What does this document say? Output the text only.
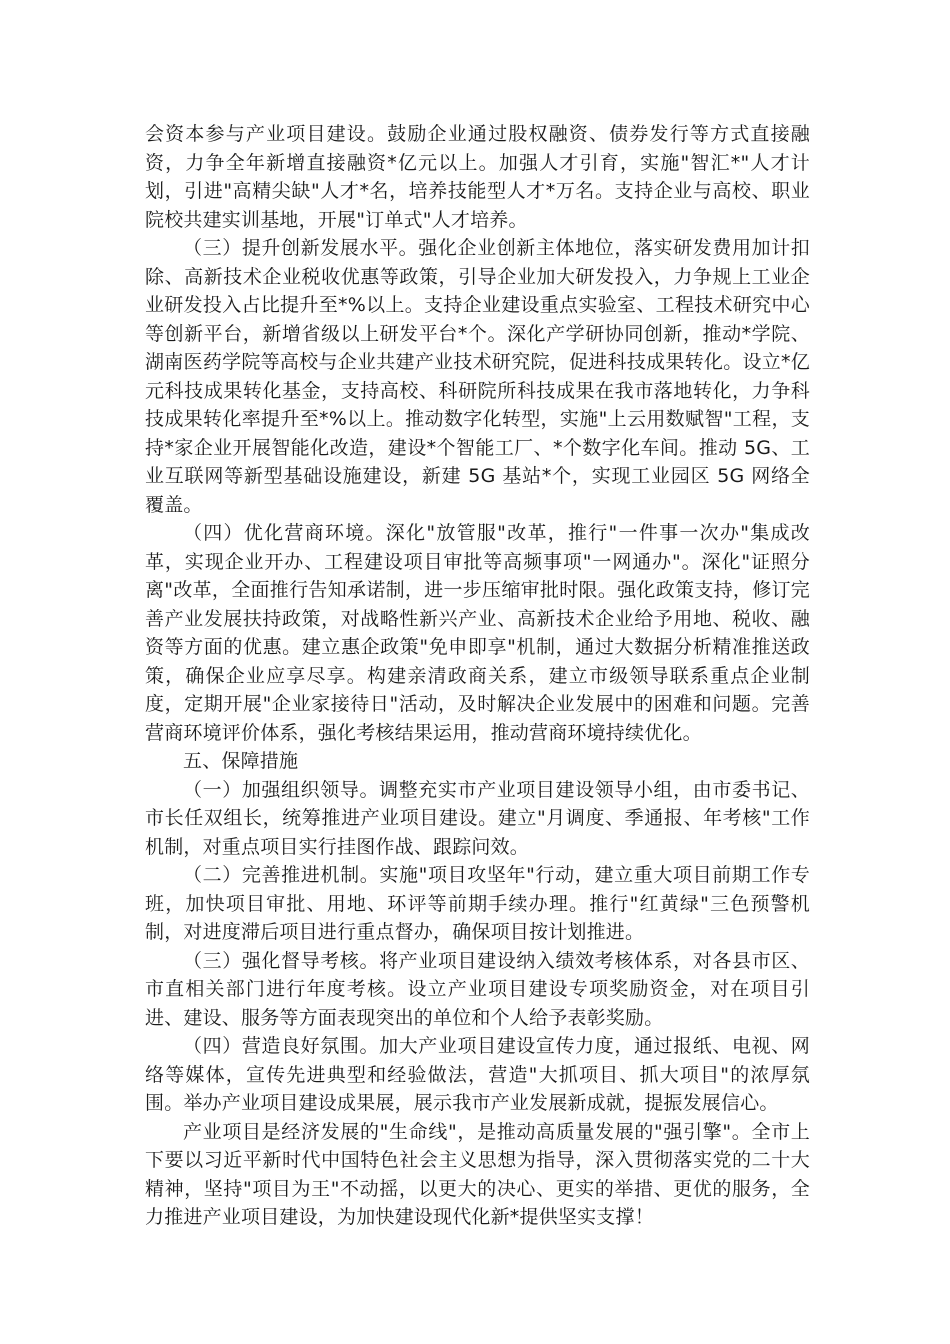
会资本参与产业项目建设。鼓励企业通过股权融资、债券发行等方式直接融资，力争全年新增直接融资*亿元以上。加强人才引育，实施"智汇*"人才计划，引进"高精尖缺"人才*名，培养技能型人才*万名。支持企业与高校、职业院校共建实训基地，开展"订单式"人才培养。

（三）提升创新发展水平。强化企业创新主体地位，落实研发费用加计扣除、高新技术企业税收优惠等政策，引导企业加大研发投入，力争规上工业企业研发投入占比提升至*%以上。支持企业建设重点实验室、工程技术研究中心等创新平台，新增省级以上研发平台*个。深化产学研协同创新，推动*学院、湖南医药学院等高校与企业共建产业技术研究院，促进科技成果转化。设立*亿元科技成果转化基金，支持高校、科研院所科技成果在我市落地转化，力争科技成果转化率提升至*%以上。推动数字化转型，实施"上云用数赋智"工程，支持*家企业开展智能化改造，建设*个智能工厂、*个数字化车间。推动 5G、工业互联网等新型基础设施建设，新建 5G 基站*个，实现工业园区 5G 网络全覆盖。

（四）优化营商环境。深化"放管服"改革，推行"一件事一次办"集成改革，实现企业开办、工程建设项目审批等高频事项"一网通办"。深化"证照分离"改革，全面推行告知承诺制，进一步压缩审批时限。强化政策支持，修订完善产业发展扶持政策，对战略性新兴产业、高新技术企业给予用地、税收、融资等方面的优惠。建立惠企政策"免申即享"机制，通过大数据分析精准推送政策，确保企业应享尽享。构建亲清政商关系，建立市级领导联系重点企业制度，定期开展"企业家接待日"活动，及时解决企业发展中的困难和问题。完善营商环境评价体系，强化考核结果运用，推动营商环境持续优化。

五、保障措施

（一）加强组织领导。调整充实市产业项目建设领导小组，由市委书记、市长任双组长，统筹推进产业项目建设。建立"月调度、季通报、年考核"工作机制，对重点项目实行挂图作战、跟踪问效。

（二）完善推进机制。实施"项目攻坚年"行动，建立重大项目前期工作专班，加快项目审批、用地、环评等前期手续办理。推行"红黄绿"三色预警机制，对进度滞后项目进行重点督办，确保项目按计划推进。

（三）强化督导考核。将产业项目建设纳入绩效考核体系，对各县市区、市直相关部门进行年度考核。设立产业项目建设专项奖励资金，对在项目引进、建设、服务等方面表现突出的单位和个人给予表彰奖励。

（四）营造良好氛围。加大产业项目建设宣传力度，通过报纸、电视、网络等媒体，宣传先进典型和经验做法，营造"大抓项目、抓大项目"的浓厚氛围。举办产业项目建设成果展，展示我市产业发展新成就，提振发展信心。

产业项目是经济发展的"生命线"，是推动高质量发展的"强引擎"。全市上下要以习近平新时代中国特色社会主义思想为指导，深入贯彻落实党的二十大精神，坚持"项目为王"不动摇，以更大的决心、更实的举措、更优的服务，全力推进产业项目建设，为加快建设现代化新*提供坚实支撑！
